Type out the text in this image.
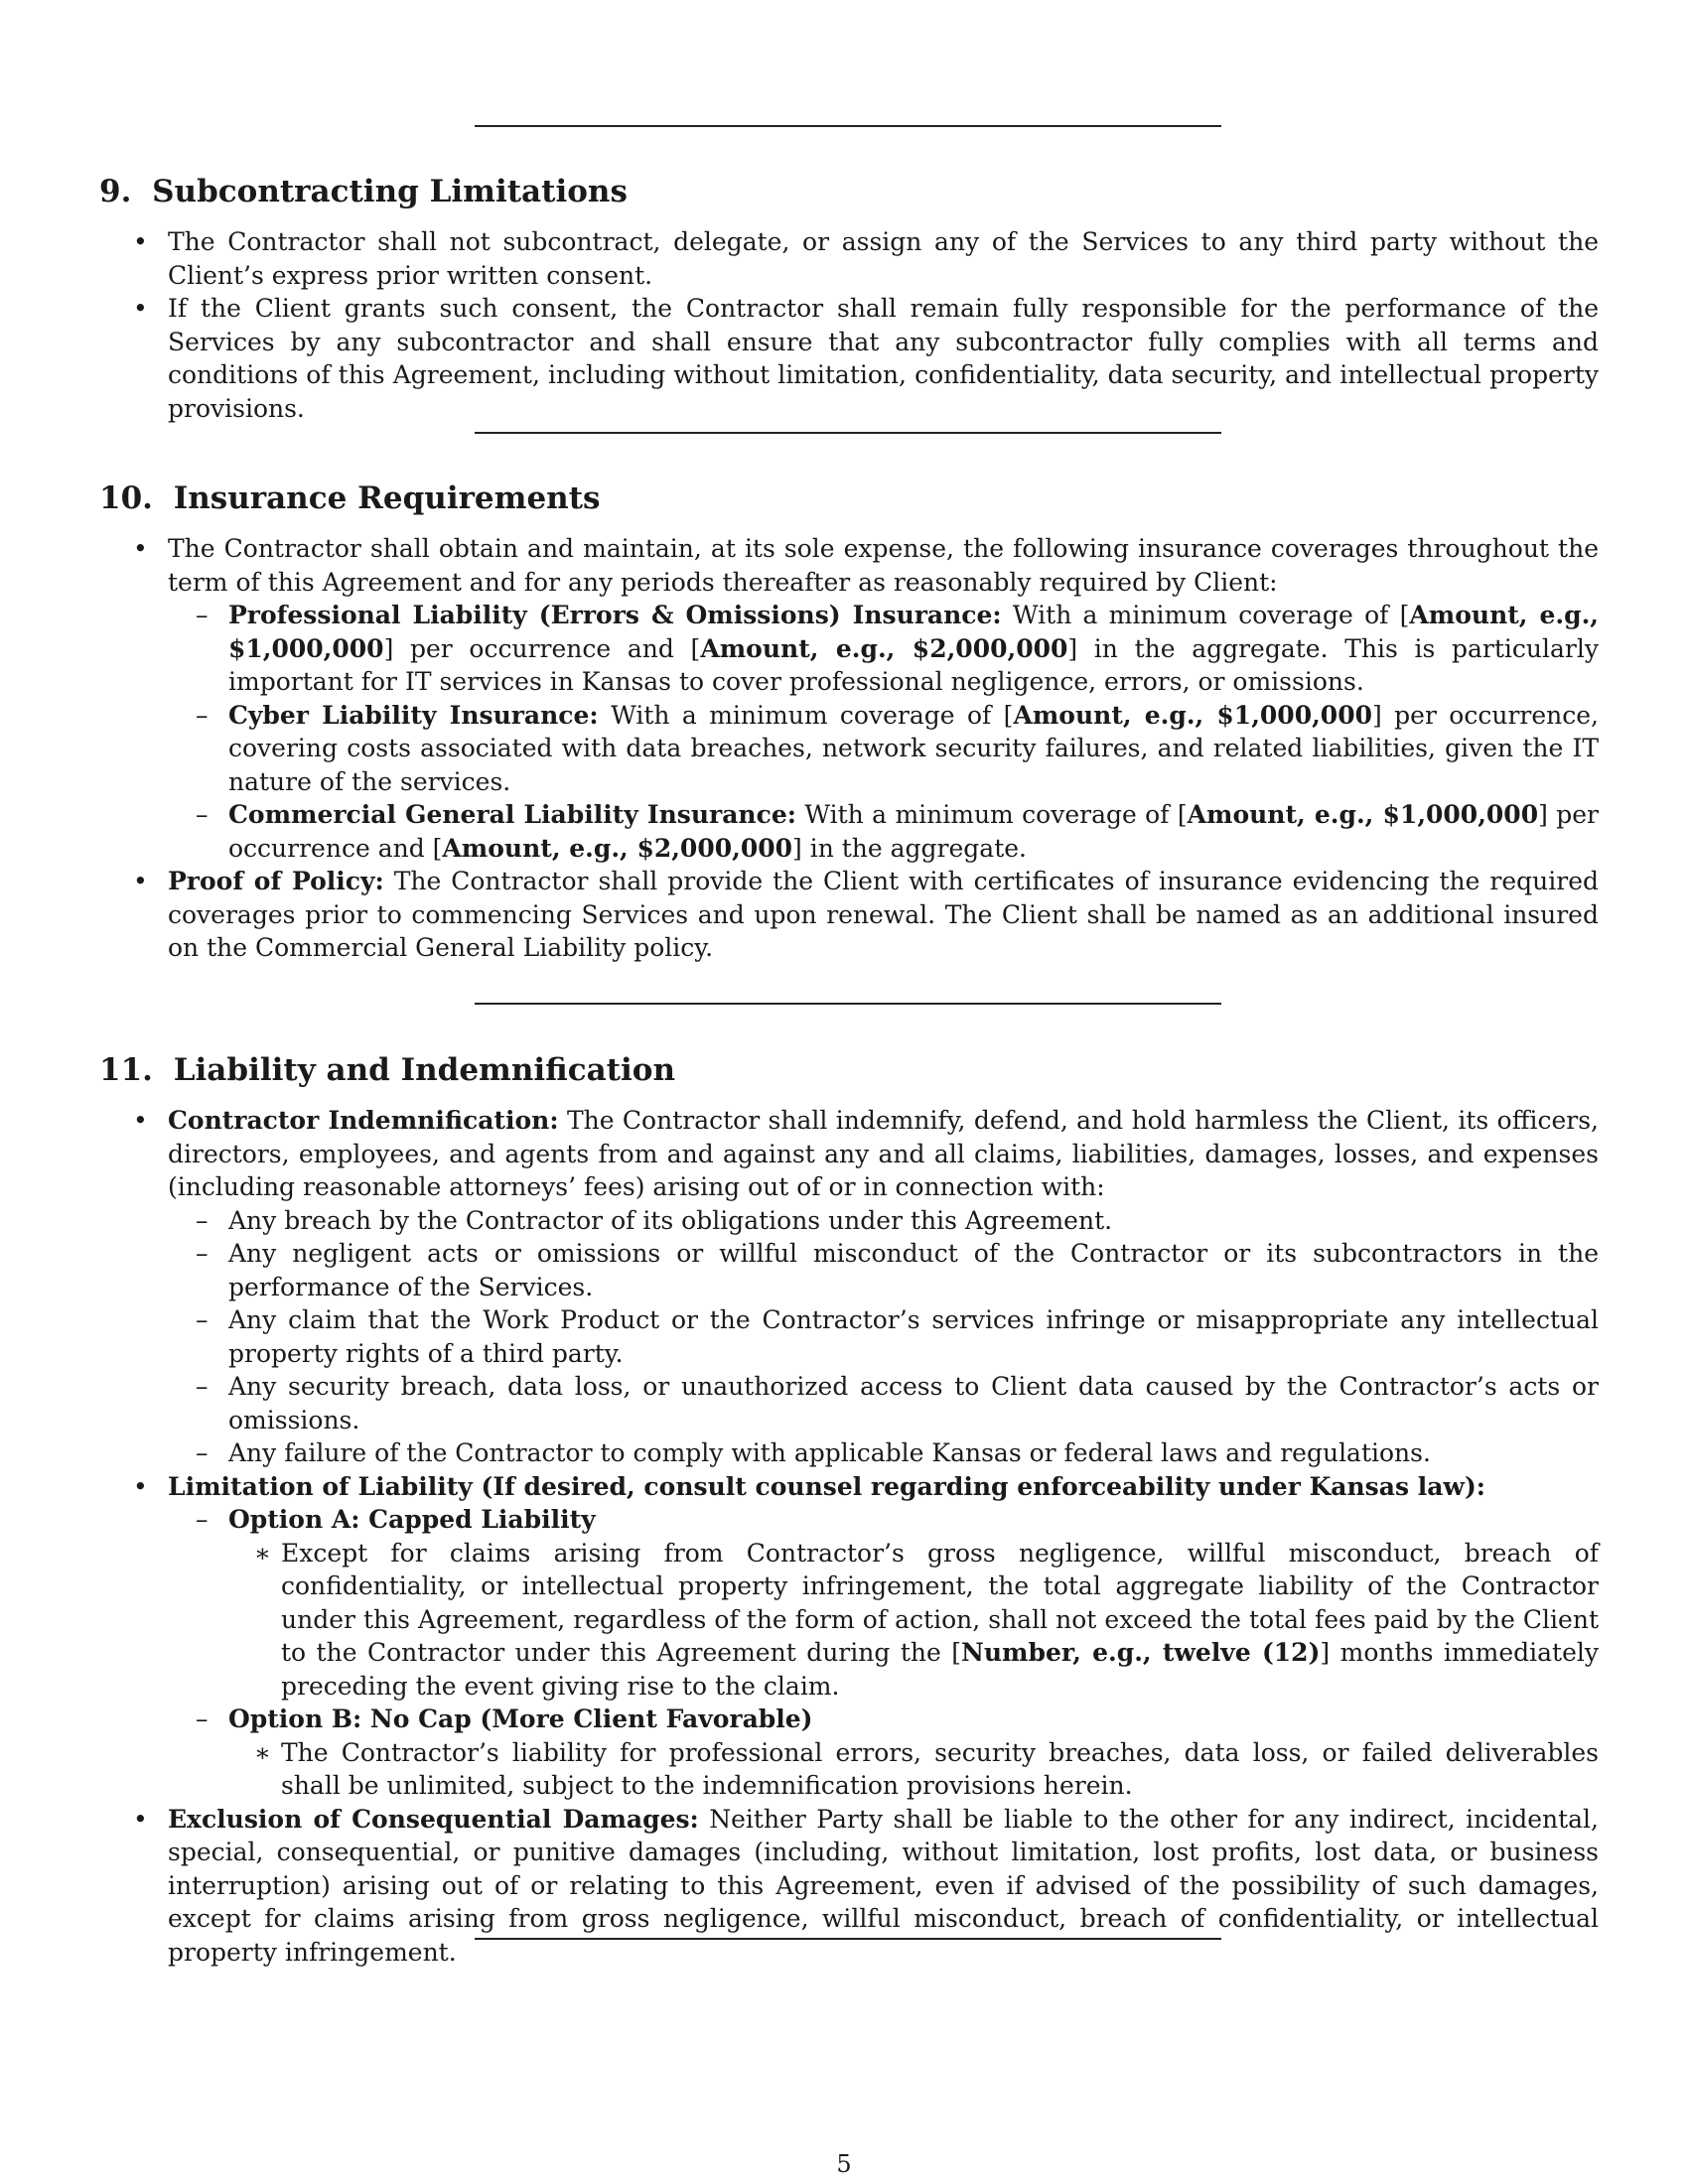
9. Subcontracting Limitations
• The Contractor shall not subcontract, delegate, or assign any of the Services to any third party without the Client’s express prior written consent.
• If the Client grants such consent, the Contractor shall remain fully responsible for the performance of the Services by any subcontractor and shall ensure that any subcontractor fully complies with all terms and conditions of this Agreement, including without limitation, confidentiality, data security, and intellectual property provisions.
10. Insurance Requirements
• The Contractor shall obtain and maintain, at its sole expense, the following insurance coverages throughout the term of this Agreement and for any periods thereafter as reasonably required by Client:
– Professional Liability (Errors & Omissions) Insurance: With a minimum coverage of [Amount, e.g., $1,000,000] per occurrence and [Amount, e.g., $2,000,000] in the aggregate. This is particularly important for IT services in Kansas to cover professional negligence, errors, or omissions.
– Cyber Liability Insurance: With a minimum coverage of [Amount, e.g., $1,000,000] per occurrence, covering costs associated with data breaches, network security failures, and related liabilities, given the IT nature of the services.
– Commercial General Liability Insurance: With a minimum coverage of [Amount, e.g., $1,000,000] per occurrence and [Amount, e.g., $2,000,000] in the aggregate.
• Proof of Policy: The Contractor shall provide the Client with certificates of insurance evidencing the required coverages prior to commencing Services and upon renewal. The Client shall be named as an additional insured on the Commercial General Liability policy.
11. Liability and Indemnification
• Contractor Indemnification: The Contractor shall indemnify, defend, and hold harmless the Client, its officers, directors, employees, and agents from and against any and all claims, liabilities, damages, losses, and expenses (including reasonable attorneys’ fees) arising out of or in connection with:
– Any breach by the Contractor of its obligations under this Agreement.
– Any negligent acts or omissions or willful misconduct of the Contractor or its subcontractors in the performance of the Services.
– Any claim that the Work Product or the Contractor’s services infringe or misappropriate any intellectual property rights of a third party.
– Any security breach, data loss, or unauthorized access to Client data caused by the Contractor’s acts or omissions.
– Any failure of the Contractor to comply with applicable Kansas or federal laws and regulations.
• Limitation of Liability (If desired, consult counsel regarding enforceability under Kansas law):
– Option A: Capped Liability
∗ Except for claims arising from Contractor’s gross negligence, willful misconduct, breach of confidentiality, or intellectual property infringement, the total aggregate liability of the Contractor under this Agreement, regardless of the form of action, shall not exceed the total fees paid by the Client to the Contractor under this Agreement during the [Number, e.g., twelve (12)] months immediately preceding the event giving rise to the claim.
– Option B: No Cap (More Client Favorable)
∗ The Contractor’s liability for professional errors, security breaches, data loss, or failed deliverables shall be unlimited, subject to the indemnification provisions herein.
• Exclusion of Consequential Damages: Neither Party shall be liable to the other for any indirect, incidental, special, consequential, or punitive damages (including, without limitation, lost profits, lost data, or business interruption) arising out of or relating to this Agreement, even if advised of the possibility of such damages, except for claims arising from gross negligence, willful misconduct, breach of confidentiality, or intellectual property infringement.
5
